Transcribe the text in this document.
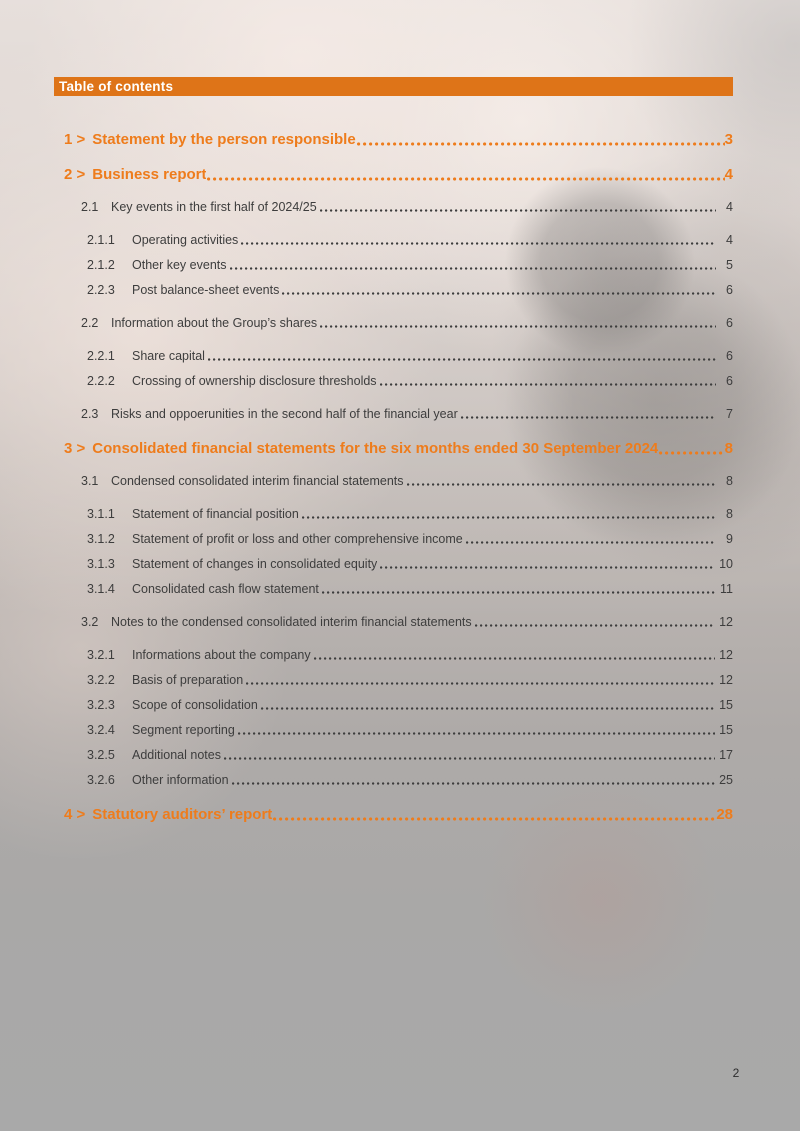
Table of contents
1 > Statement by the person responsible	3
2 > Business report	4
2.1	Key events in the first half of 2024/25	4
2.1.1	Operating activities	4
2.1.2	Other key events	5
2.2.3	Post balance-sheet events	6
2.2	Information about the Group’s shares	6
2.2.1	Share capital	6
2.2.2	Crossing of ownership disclosure thresholds	6
2.3	Risks and oppoerunities in the second half of the financial year	7
3 > Consolidated financial statements for the six months ended 30 September 2024	8
3.1	Condensed consolidated interim financial statements	8
3.1.1	Statement of financial position	8
3.1.2	Statement of profit or loss and other comprehensive income	9
3.1.3	Statement of changes in consolidated equity	10
3.1.4	Consolidated cash flow statement	11
3.2	Notes to the condensed consolidated interim financial statements	12
3.2.1	Informations about the company	12
3.2.2	Basis of preparation	12
3.2.3	Scope of consolidation	15
3.2.4	Segment reporting	15
3.2.5	Additional notes	17
3.2.6	Other information	25
4 > Statutory auditors’ report	28
2
